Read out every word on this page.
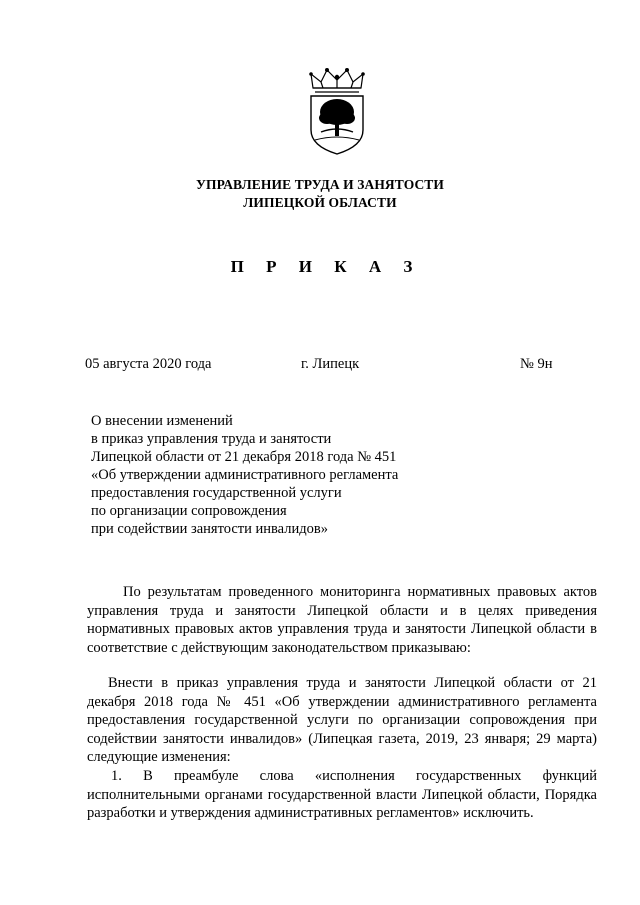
УПРАВЛЕНИЕ ТРУДА И ЗАНЯТОСТИ
ЛИПЕЦКОЙ ОБЛАСТИ
П Р И К А З
05 августа 2020 года	г. Липецк	№ 9н
О внесении изменений
в приказ управления труда и занятости
Липецкой области от 21 декабря 2018 года № 451
«Об утверждении административного регламента
предоставления государственной услуги
по организации сопровождения
при содействии занятости инвалидов»
По результатам проведенного мониторинга нормативных правовых актов управления труда и занятости Липецкой области и в целях приведения нормативных правовых актов управления труда и занятости Липецкой области в соответствие с действующим законодательством приказываю:
Внести в приказ управления труда и занятости Липецкой области от 21 декабря 2018 года № 451 «Об утверждении административного регламента предоставления государственной услуги по организации сопровождения при содействии занятости инвалидов» (Липецкая газета, 2019, 23 января; 29 марта) следующие изменения:
1. В преамбуле слова «исполнения государственных функций исполнительными органами государственной власти Липецкой области, Порядка разработки и утверждения административных регламентов» исключить.
